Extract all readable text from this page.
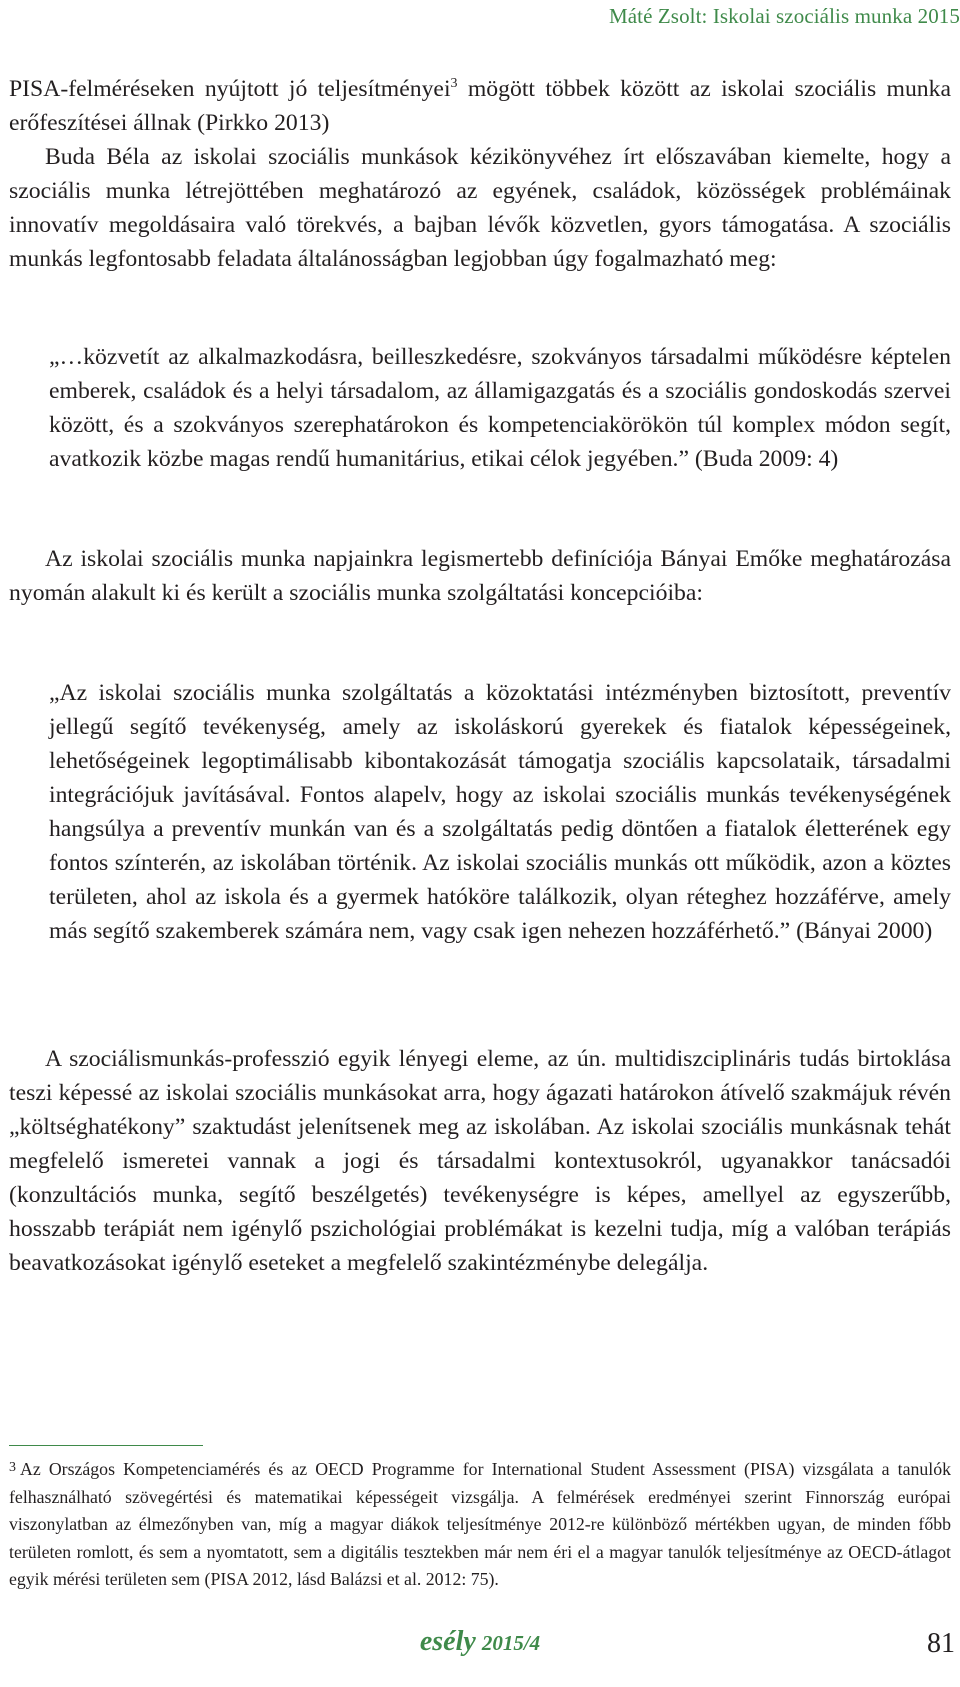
Máté Zsolt: Iskolai szociális munka 2015

PISA-felméréseken nyújtott jó teljesítményei$^3$ mögött többek között az iskolai szociális munka erőfeszítései állnak (Pirkko 2013)

Buda Béla az iskolai szociális munkások kézikönyvéhez írt előszavában kiemelte, hogy a szociális munka létrejöttében meghatározó az egyének, családok, közösségek problémáinak innovatív megoldásaira való törekvés, a bajban lévők közvetlen, gyors támogatása. A szociális munkás legfontosabb feladata általánosságban legjobban úgy fogalmazható meg:

„…közvetít az alkalmazkodásra, beilleszkedésre, szokványos társadalmi működésre képtelen emberek, családok és a helyi társadalom, az államigazgatás és a szociális gondoskodás szervei között, és a szokványos szerephatárokon és kompetenciakörökön túl komplex módon segít, avatkozik közbe magas rendű humanitárius, etikai célok jegyében.” (Buda 2009: 4)

Az iskolai szociális munka napjainkra legismertebb definíciója Bányai Emőke meghatározása nyomán alakult ki és került a szociális munka szolgáltatási koncepcióiba:

„Az iskolai szociális munka szolgáltatás a közoktatási intézményben biztosított, preventív jellegű segítő tevékenység, amely az iskoláskorú gyerekek és fiatalok képességeinek, lehetőségeinek legoptimálisabb kibontakozását támogatja szociális kapcsolataik, társadalmi integrációjuk javításával. Fontos alapelv, hogy az iskolai szociális munkás tevékenységének hangsúlya a preventív munkán van és a szolgáltatás pedig döntően a fiatalok életterének egy fontos színterén, az iskolában történik. Az iskolai szociális munkás ott működik, azon a köztes területen, ahol az iskola és a gyermek hatóköre találkozik, olyan réteghez hozzáférve, amely más segítő szakemberek számára nem, vagy csak igen nehezen hozzáférhető.” (Bányai 2000)

A szociálismunkás-professzió egyik lényegi eleme, az ún. multidiszciplináris tudás birtoklása teszi képessé az iskolai szociális munkásokat arra, hogy ágazati határokon átívelő szakmájuk révén „költséghatékony” szaktudást jelenítsenek meg az iskolában. Az iskolai szociális munkásnak tehát megfelelő ismeretei vannak a jogi és társadalmi kontextusokról, ugyanakkor tanácsadói (konzultációs munka, segítő beszélgetés) tevékenységre is képes, amellyel az egyszerűbb, hosszabb terápiát nem igénylő pszichológiai problémákat is kezelni tudja, míg a valóban terápiás beavatkozásokat igénylő eseteket a megfelelő szakintézménybe delegálja.

$^3$ Az Országos Kompetenciamérés és az OECD Programme for International Student Assessment (PISA) vizsgálata a tanulók felhasználható szövegértési és matematikai képességeit vizsgálja. A felmérések eredményei szerint Finnország európai viszonylatban az élmezőnyben van, míg a magyar diákok teljesítménye 2012-re különböző mértékben ugyan, de minden főbb területen romlott, és sem a nyomtatott, sem a digitális tesztekben már nem éri el a magyar tanulók teljesítménye az OECD-átlagot egyik mérési területen sem (PISA 2012, lásd Balázsi et al. 2012: 75).

esély 2015/4	81
